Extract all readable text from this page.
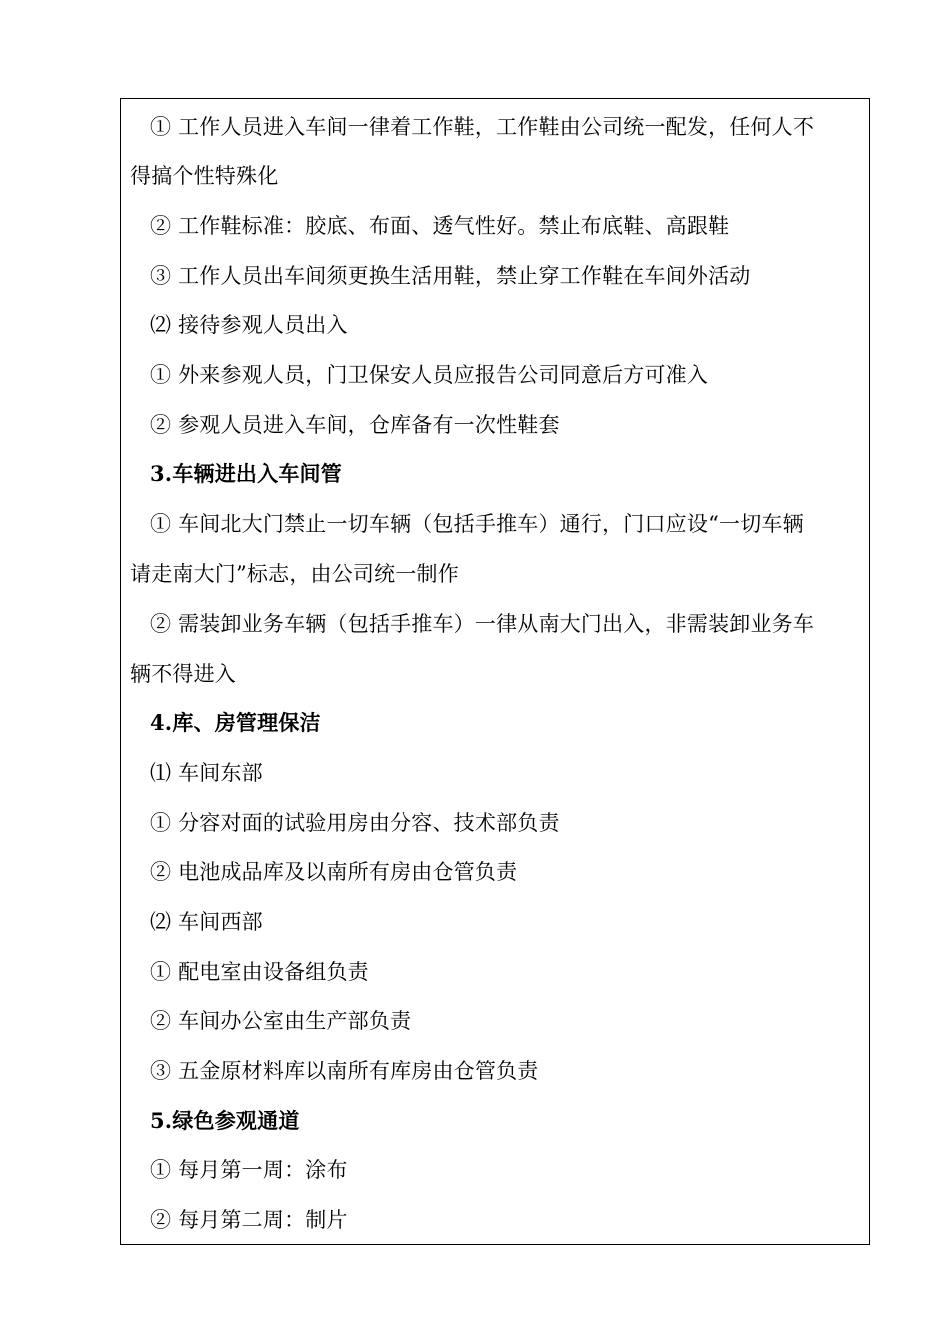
① 工作人员进入车间一律着工作鞋，工作鞋由公司统一配发，任何人不
得搞个性特殊化
② 工作鞋标准：胶底、布面、透气性好。禁止布底鞋、高跟鞋
③ 工作人员出车间须更换生活用鞋，禁止穿工作鞋在车间外活动
⑵ 接待参观人员出入
① 外来参观人员，门卫保安人员应报告公司同意后方可准入
② 参观人员进入车间，仓库备有一次性鞋套
3.车辆进出入车间管
① 车间北大门禁止一切车辆（包括手推车）通行，门口应设“一切车辆
请走南大门”标志，由公司统一制作
② 需装卸业务车辆（包括手推车）一律从南大门出入，非需装卸业务车
辆不得进入
4.库、房管理保洁
⑴ 车间东部
① 分容对面的试验用房由分容、技术部负责
② 电池成品库及以南所有房由仓管负责
⑵ 车间西部
① 配电室由设备组负责
② 车间办公室由生产部负责
③ 五金原材料库以南所有库房由仓管负责
5.绿色参观通道
① 每月第一周：涂布
② 每月第二周：制片
